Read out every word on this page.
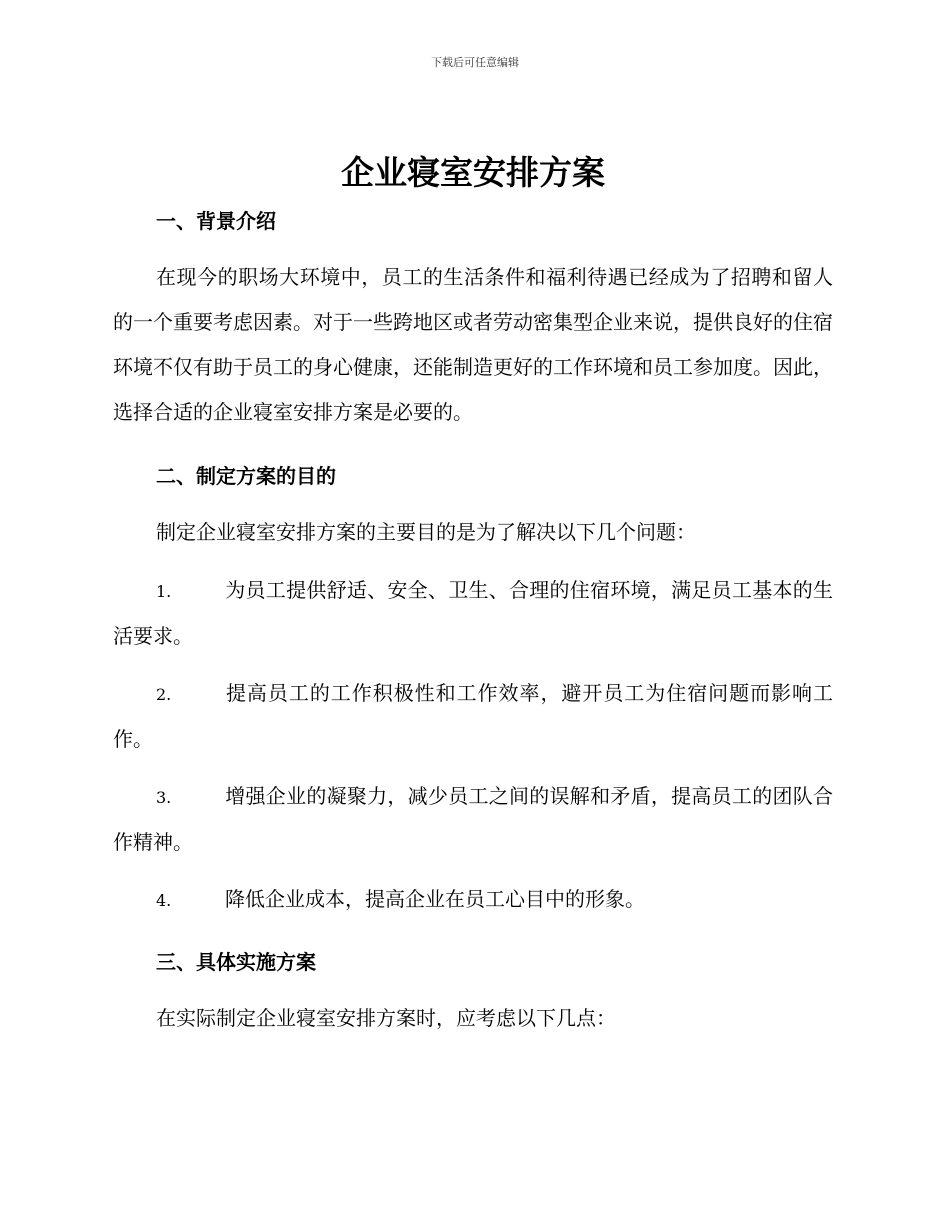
下载后可任意编辑
企业寝室安排方案
一、背景介绍

在现今的职场大环境中，员工的生活条件和福利待遇已经成为了招聘和留人的一个重要考虑因素。对于一些跨地区或者劳动密集型企业来说，提供良好的住宿环境不仅有助于员工的身心健康，还能制造更好的工作环境和员工参加度。因此，选择合适的企业寝室安排方案是必要的。

二、制定方案的目的

制定企业寝室安排方案的主要目的是为了解决以下几个问题：

1.	为员工提供舒适、安全、卫生、合理的住宿环境，满足员工基本的生活要求。
2.	提高员工的工作积极性和工作效率，避开员工为住宿问题而影响工作。
3.	增强企业的凝聚力，减少员工之间的误解和矛盾，提高员工的团队合作精神。
4.	降低企业成本，提高企业在员工心目中的形象。
三、具体实施方案

在实际制定企业寝室安排方案时，应考虑以下几点：
